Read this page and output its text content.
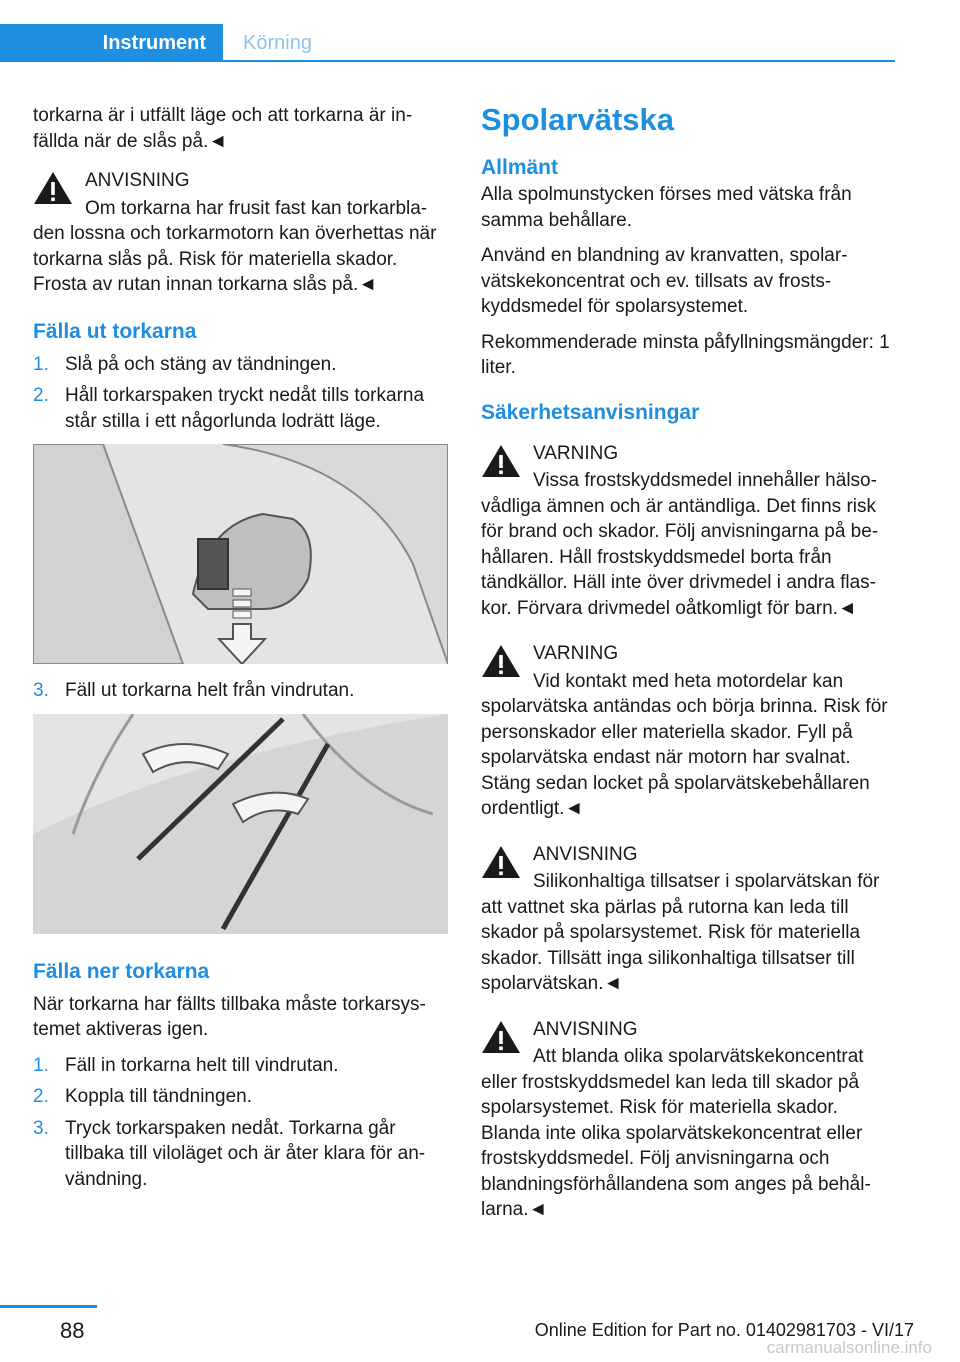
Instrument	Körning

torkarna är i utfällt läge och att torkarna är infällda när de slås på.◄

ANVISNING
Om torkarna har frusit fast kan torkarbladen lossna och torkarmotorn kan överhettas när torkarna slås på. Risk för materiella skador. Frosta av rutan innan torkarna slås på.◄
Fälla ut torkarna
1. Slå på och stäng av tändningen.
2. Håll torkarspaken tryckt nedåt tills torkarna står stilla i ett någorlunda lodrätt läge.
3. Fäll ut torkarna helt från vindrutan.
Fälla ner torkarna

När torkarna har fällts tillbaka måste torkarsystemet aktiveras igen.

1. Fäll in torkarna helt till vindrutan.
2. Koppla till tändningen.
3. Tryck torkarspaken nedåt. Torkarna går tillbaka till viloläget och är åter klara för användning.
Spolarvätska
Allmänt

Alla spolmunstycken förses med vätska från samma behållare.

Använd en blandning av kranvatten, spolarvätskekoncentrat och ev. tillsats av frostskyddsmedel för spolarsystemet.

Rekommenderade minsta påfyllningsmängder: 1 liter.

Säkerhetsanvisningar
VARNING
Vissa frostskyddsmedel innehåller hälsovådliga ämnen och är antändliga. Det finns risk för brand och skador. Följ anvisningarna på behållaren. Håll frostskyddsmedel borta från tändkällor. Häll inte över drivmedel i andra flaskor. Förvara drivmedel oåtkomligt för barn.◄
VARNING
Vid kontakt med heta motordelar kan spolarvätska antändas och börja brinna. Risk för personskador eller materiella skador. Fyll på spolarvätska endast när motorn har svalnat. Stäng sedan locket på spolarvätskebehållaren ordentligt.◄
ANVISNING
Silikonhaltiga tillsatser i spolarvätskan för att vattnet ska pärlas på rutorna kan leda till skador på spolarsystemet. Risk för materiella skador. Tillsätt inga silikonhaltiga tillsatser till spolarvätskan.◄
ANVISNING
Att blanda olika spolarvätskekoncentrat eller frostskyddsmedel kan leda till skador på spolarsystemet. Risk för materiella skador. Blanda inte olika spolarvätskekoncentrat eller frostskyddsmedel. Följ anvisningarna och blandningsförhållandena som anges på behållarna.◄
88	Online Edition for Part no. 01402981703 - VI/17
carmanualsonline.info
